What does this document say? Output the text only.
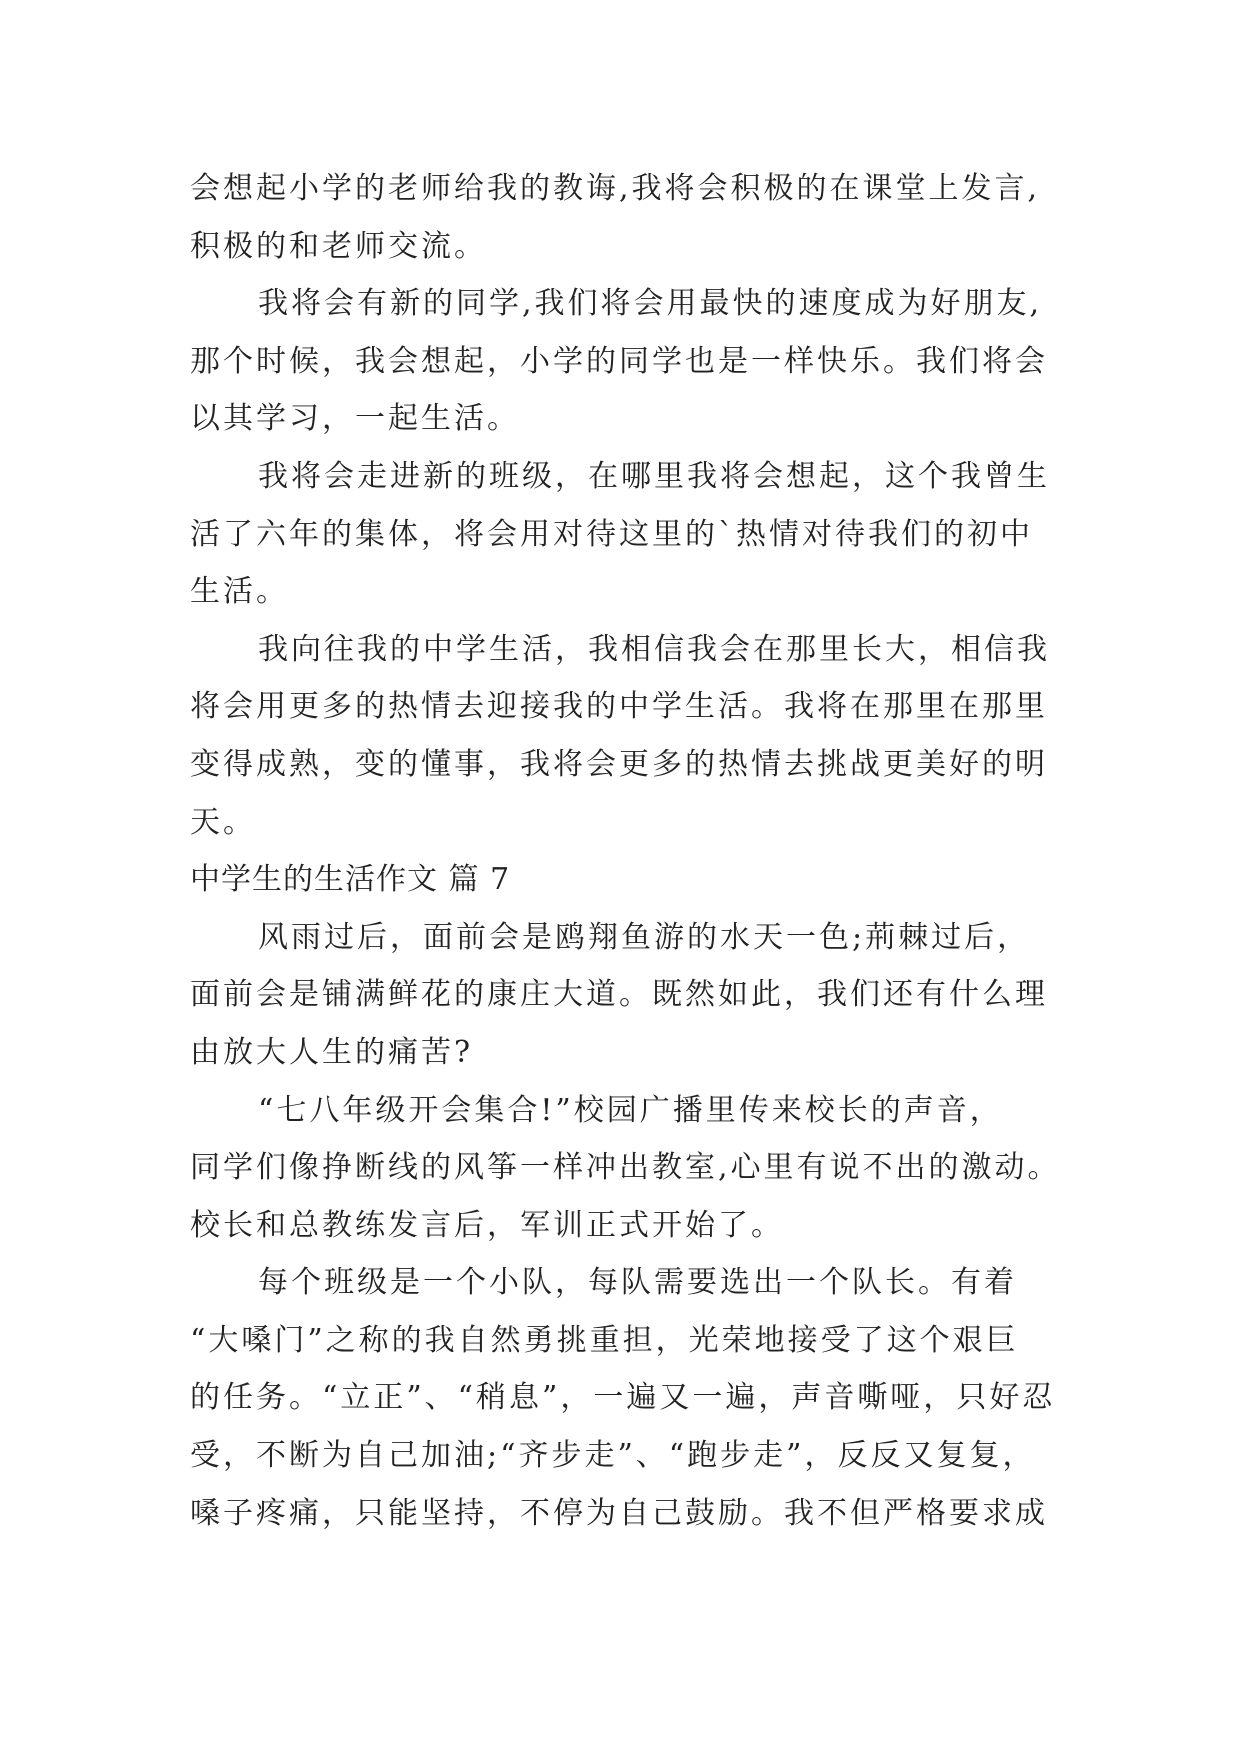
会想起小学的老师给我的教诲,我将会积极的在课堂上发言,
积极的和老师交流。
我将会有新的同学,我们将会用最快的速度成为好朋友,
那个时候，我会想起，小学的同学也是一样快乐。我们将会
以其学习，一起生活。
我将会走进新的班级，在哪里我将会想起，这个我曾生
活了六年的集体，将会用对待这里的`热情对待我们的初中
生活。
我向往我的中学生活，我相信我会在那里长大，相信我
将会用更多的热情去迎接我的中学生活。我将在那里在那里
变得成熟，变的懂事，我将会更多的热情去挑战更美好的明
天。
中学生的生活作文 篇 7
风雨过后，面前会是鸥翔鱼游的水天一色;荊棘过后，
面前会是铺满鲜花的康庄大道。既然如此，我们还有什么理
由放大人生的痛苦?
“七八年级开会集合!”校园广播里传来校长的声音，
同学们像挣断线的风筝一样冲出教室,心里有说不出的激动。
校长和总教练发言后，军训正式开始了。
每个班级是一个小队，每队需要选出一个队长。有着
“大嗓门”之称的我自然勇挑重担，光荣地接受了这个艰巨
的任务。“立正”、“稍息”，一遍又一遍，声音嘶哑，只好忍
受，不断为自己加油;“齐步走”、“跑步走”，反反又复复，
嗓子疼痛，只能坚持，不停为自己鼓励。我不但严格要求成
